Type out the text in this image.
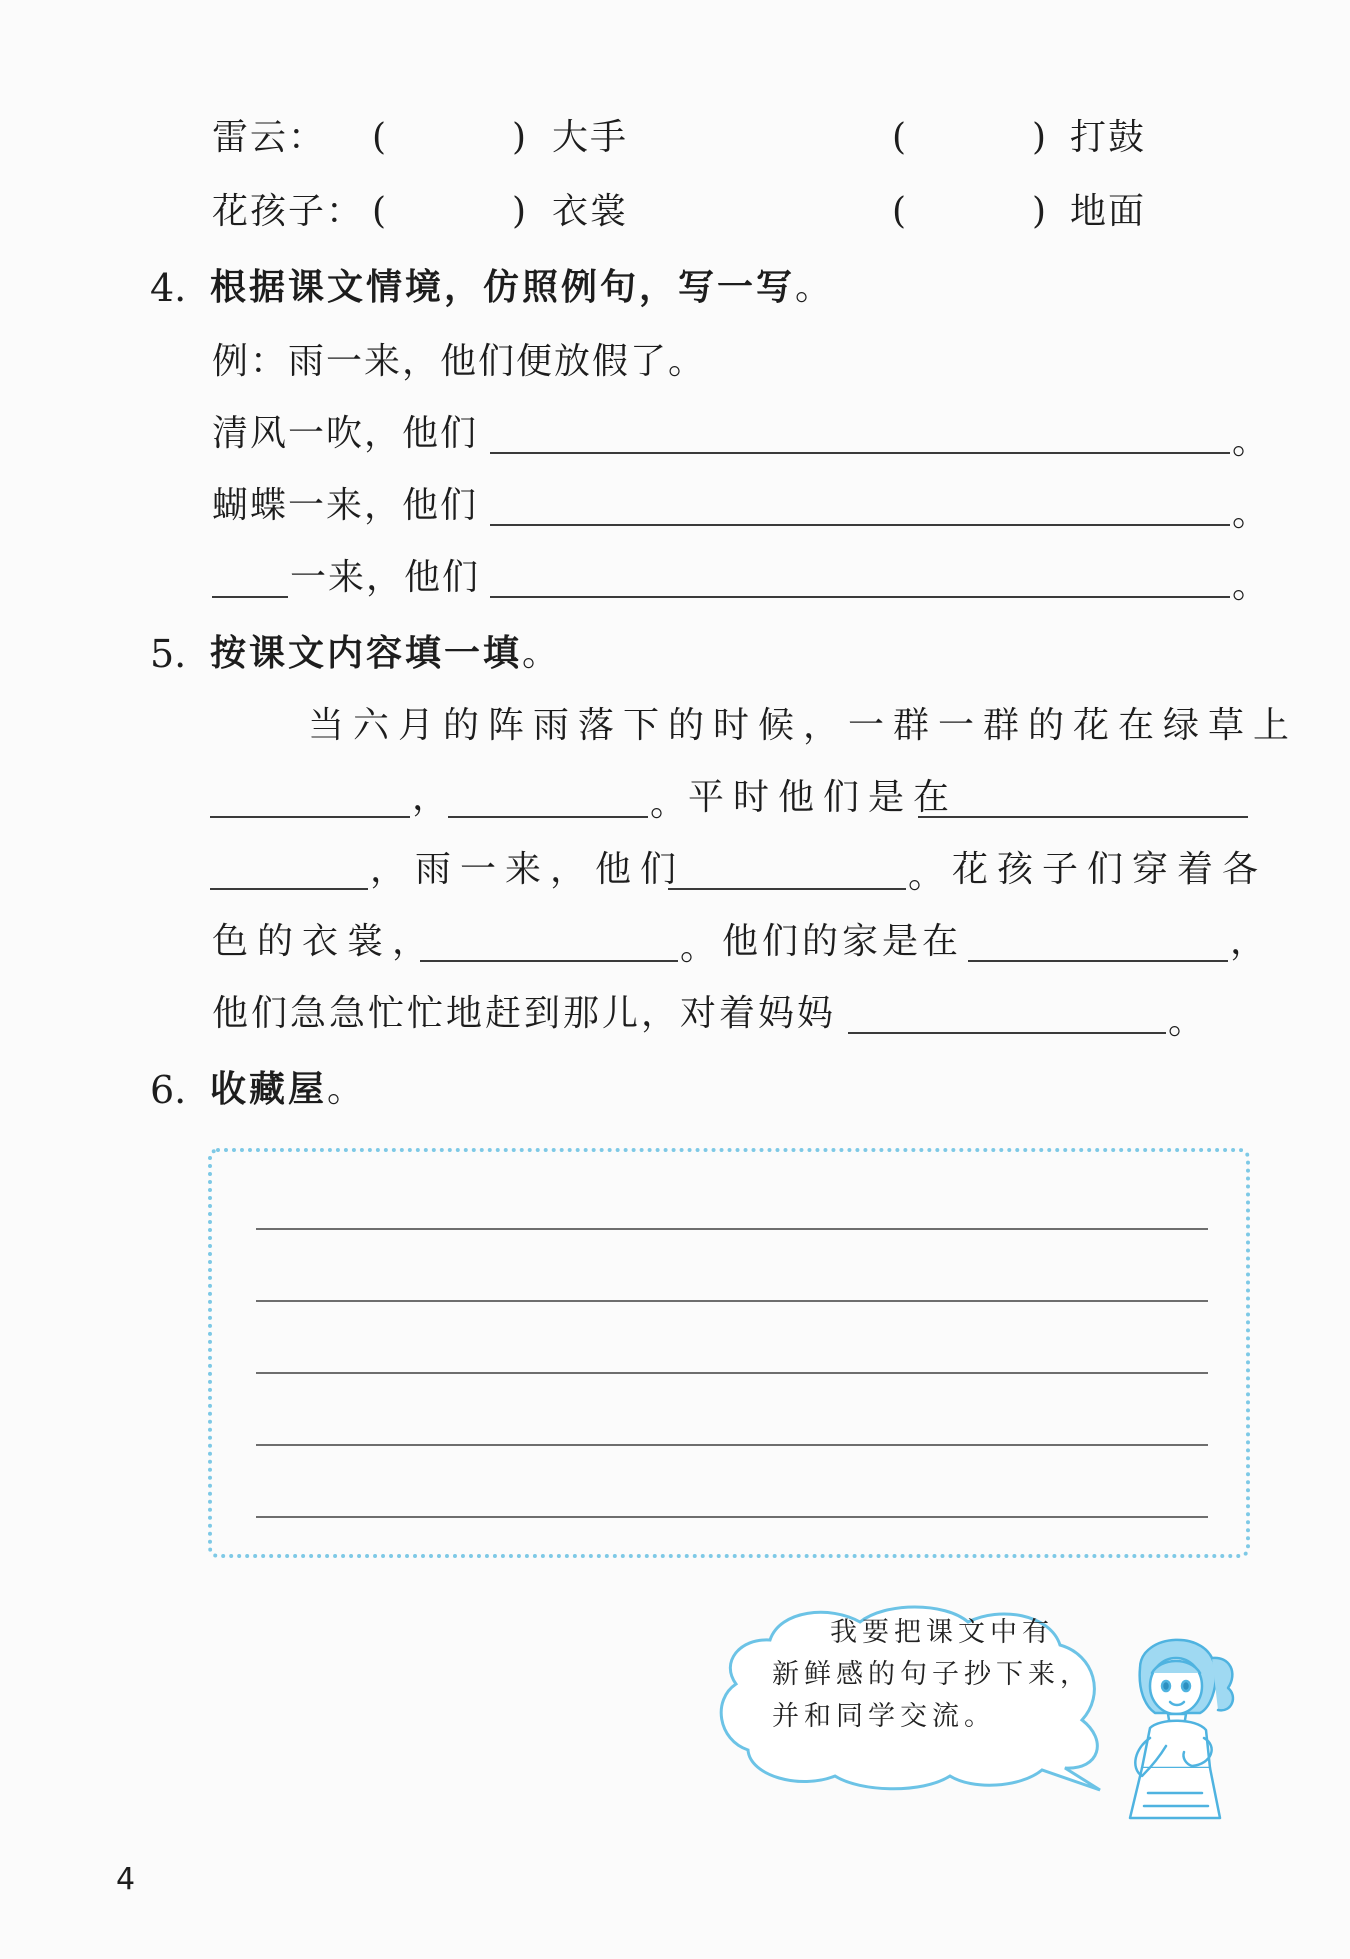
雷云： (	) 大手	(	) 打鼓
花孩子： (	) 衣裳	(	) 地面
4. 根据课文情境，仿照例句，写一写。
例：雨一来，他们便放假了。
清风一吹，他们	。
蝴蝶一来，他们	。
一来，他们	。
5. 按课文内容填一填。
当六月的阵雨落下的时候，一群一群的花在绿草上
，	。 平时他们是在
，雨一来，他们	。 花孩子们穿着各
色的衣裳，	。 他们的家是在	，
他们急急忙忙地赶到那儿，对着妈妈	。
6. 收藏屋。
我要把课文中有
新鲜感的句子抄下来，
并和同学交流。
4
